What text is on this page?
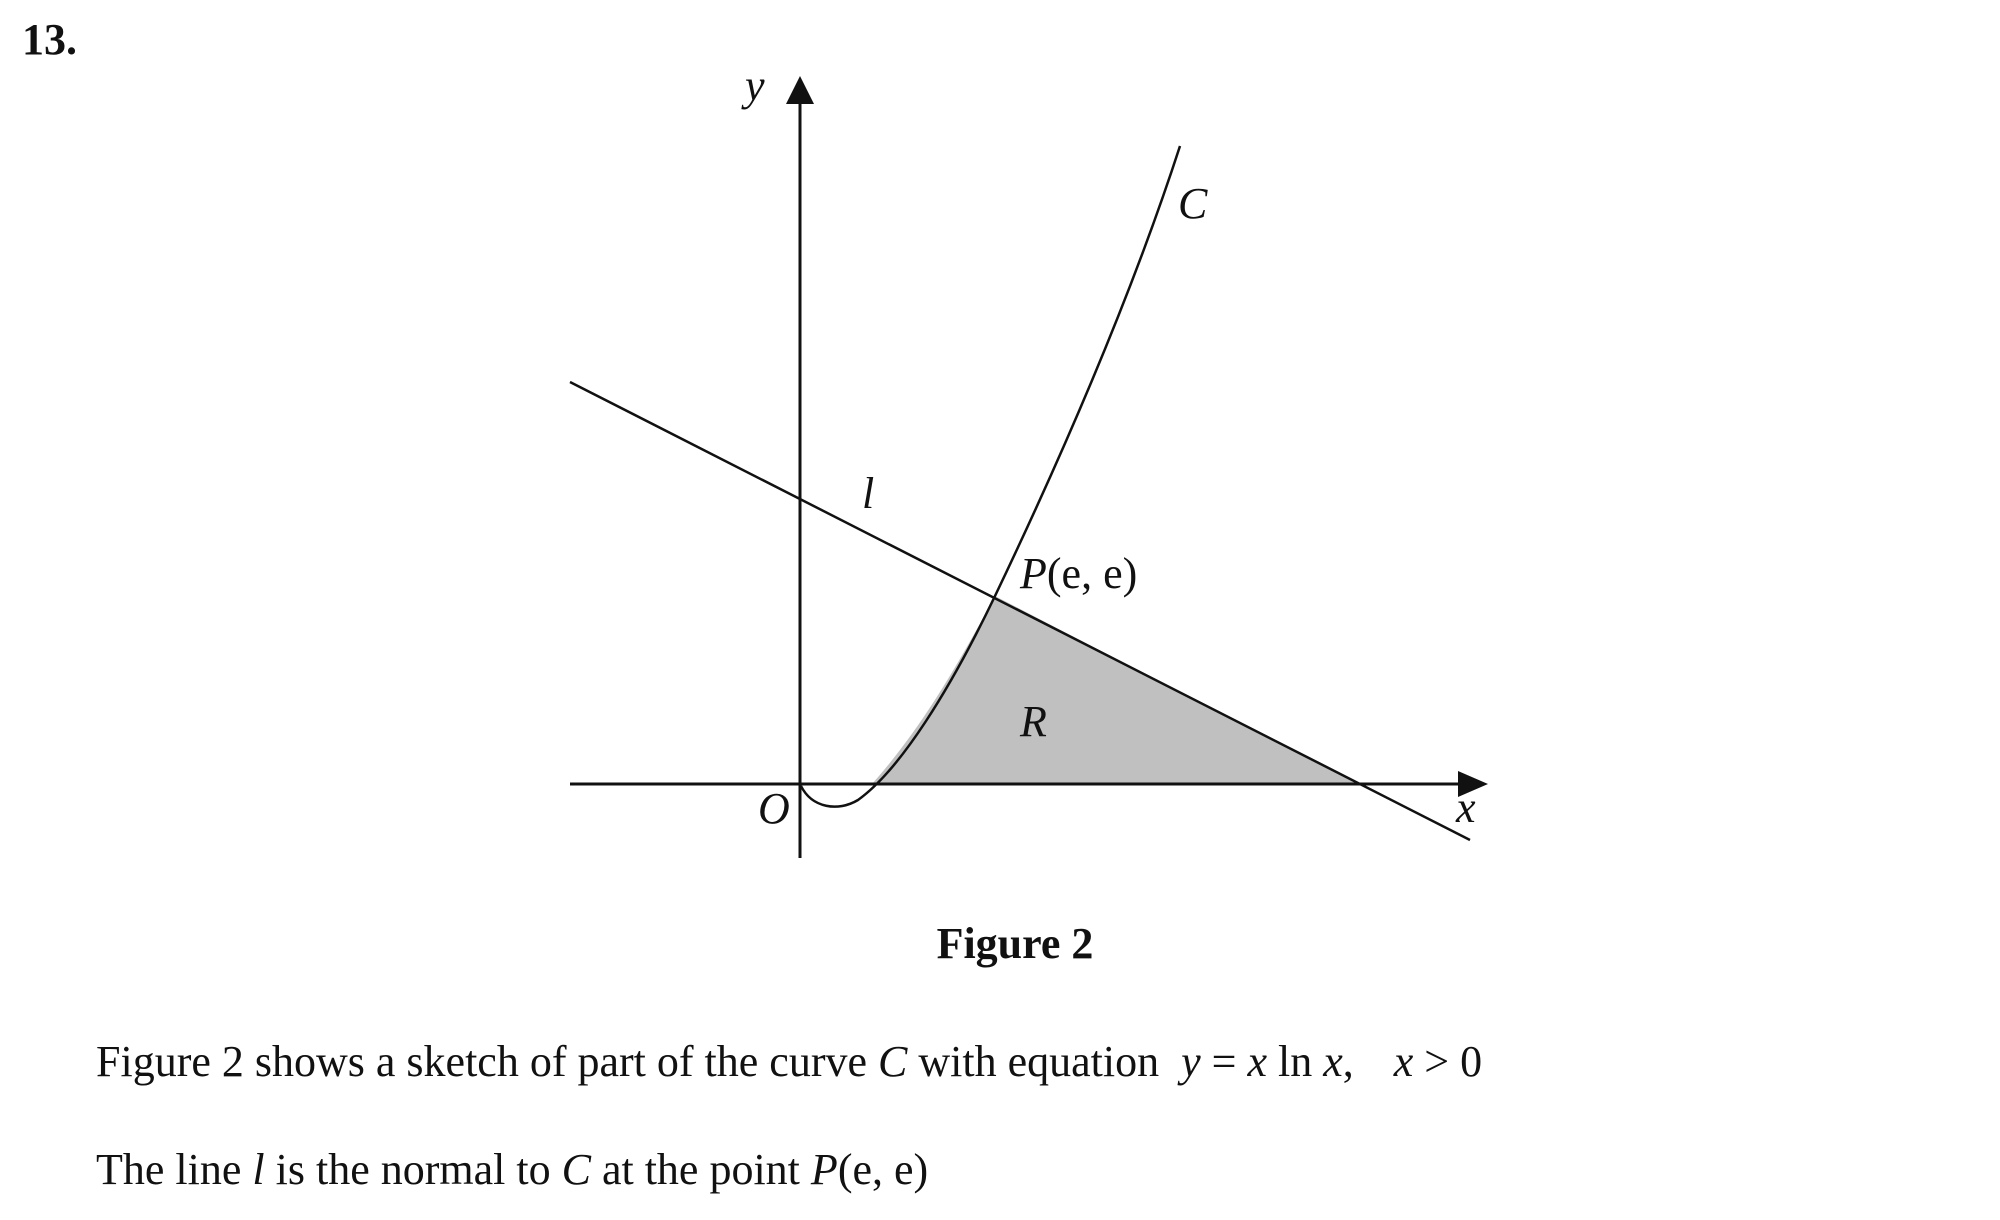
13.
y
x
O
C
l
P(e, e)
R
Figure 2
Figure 2 shows a sketch of part of the curve C with equation y = x ln x, x > 0
The line l is the normal to C at the point P(e, e)
